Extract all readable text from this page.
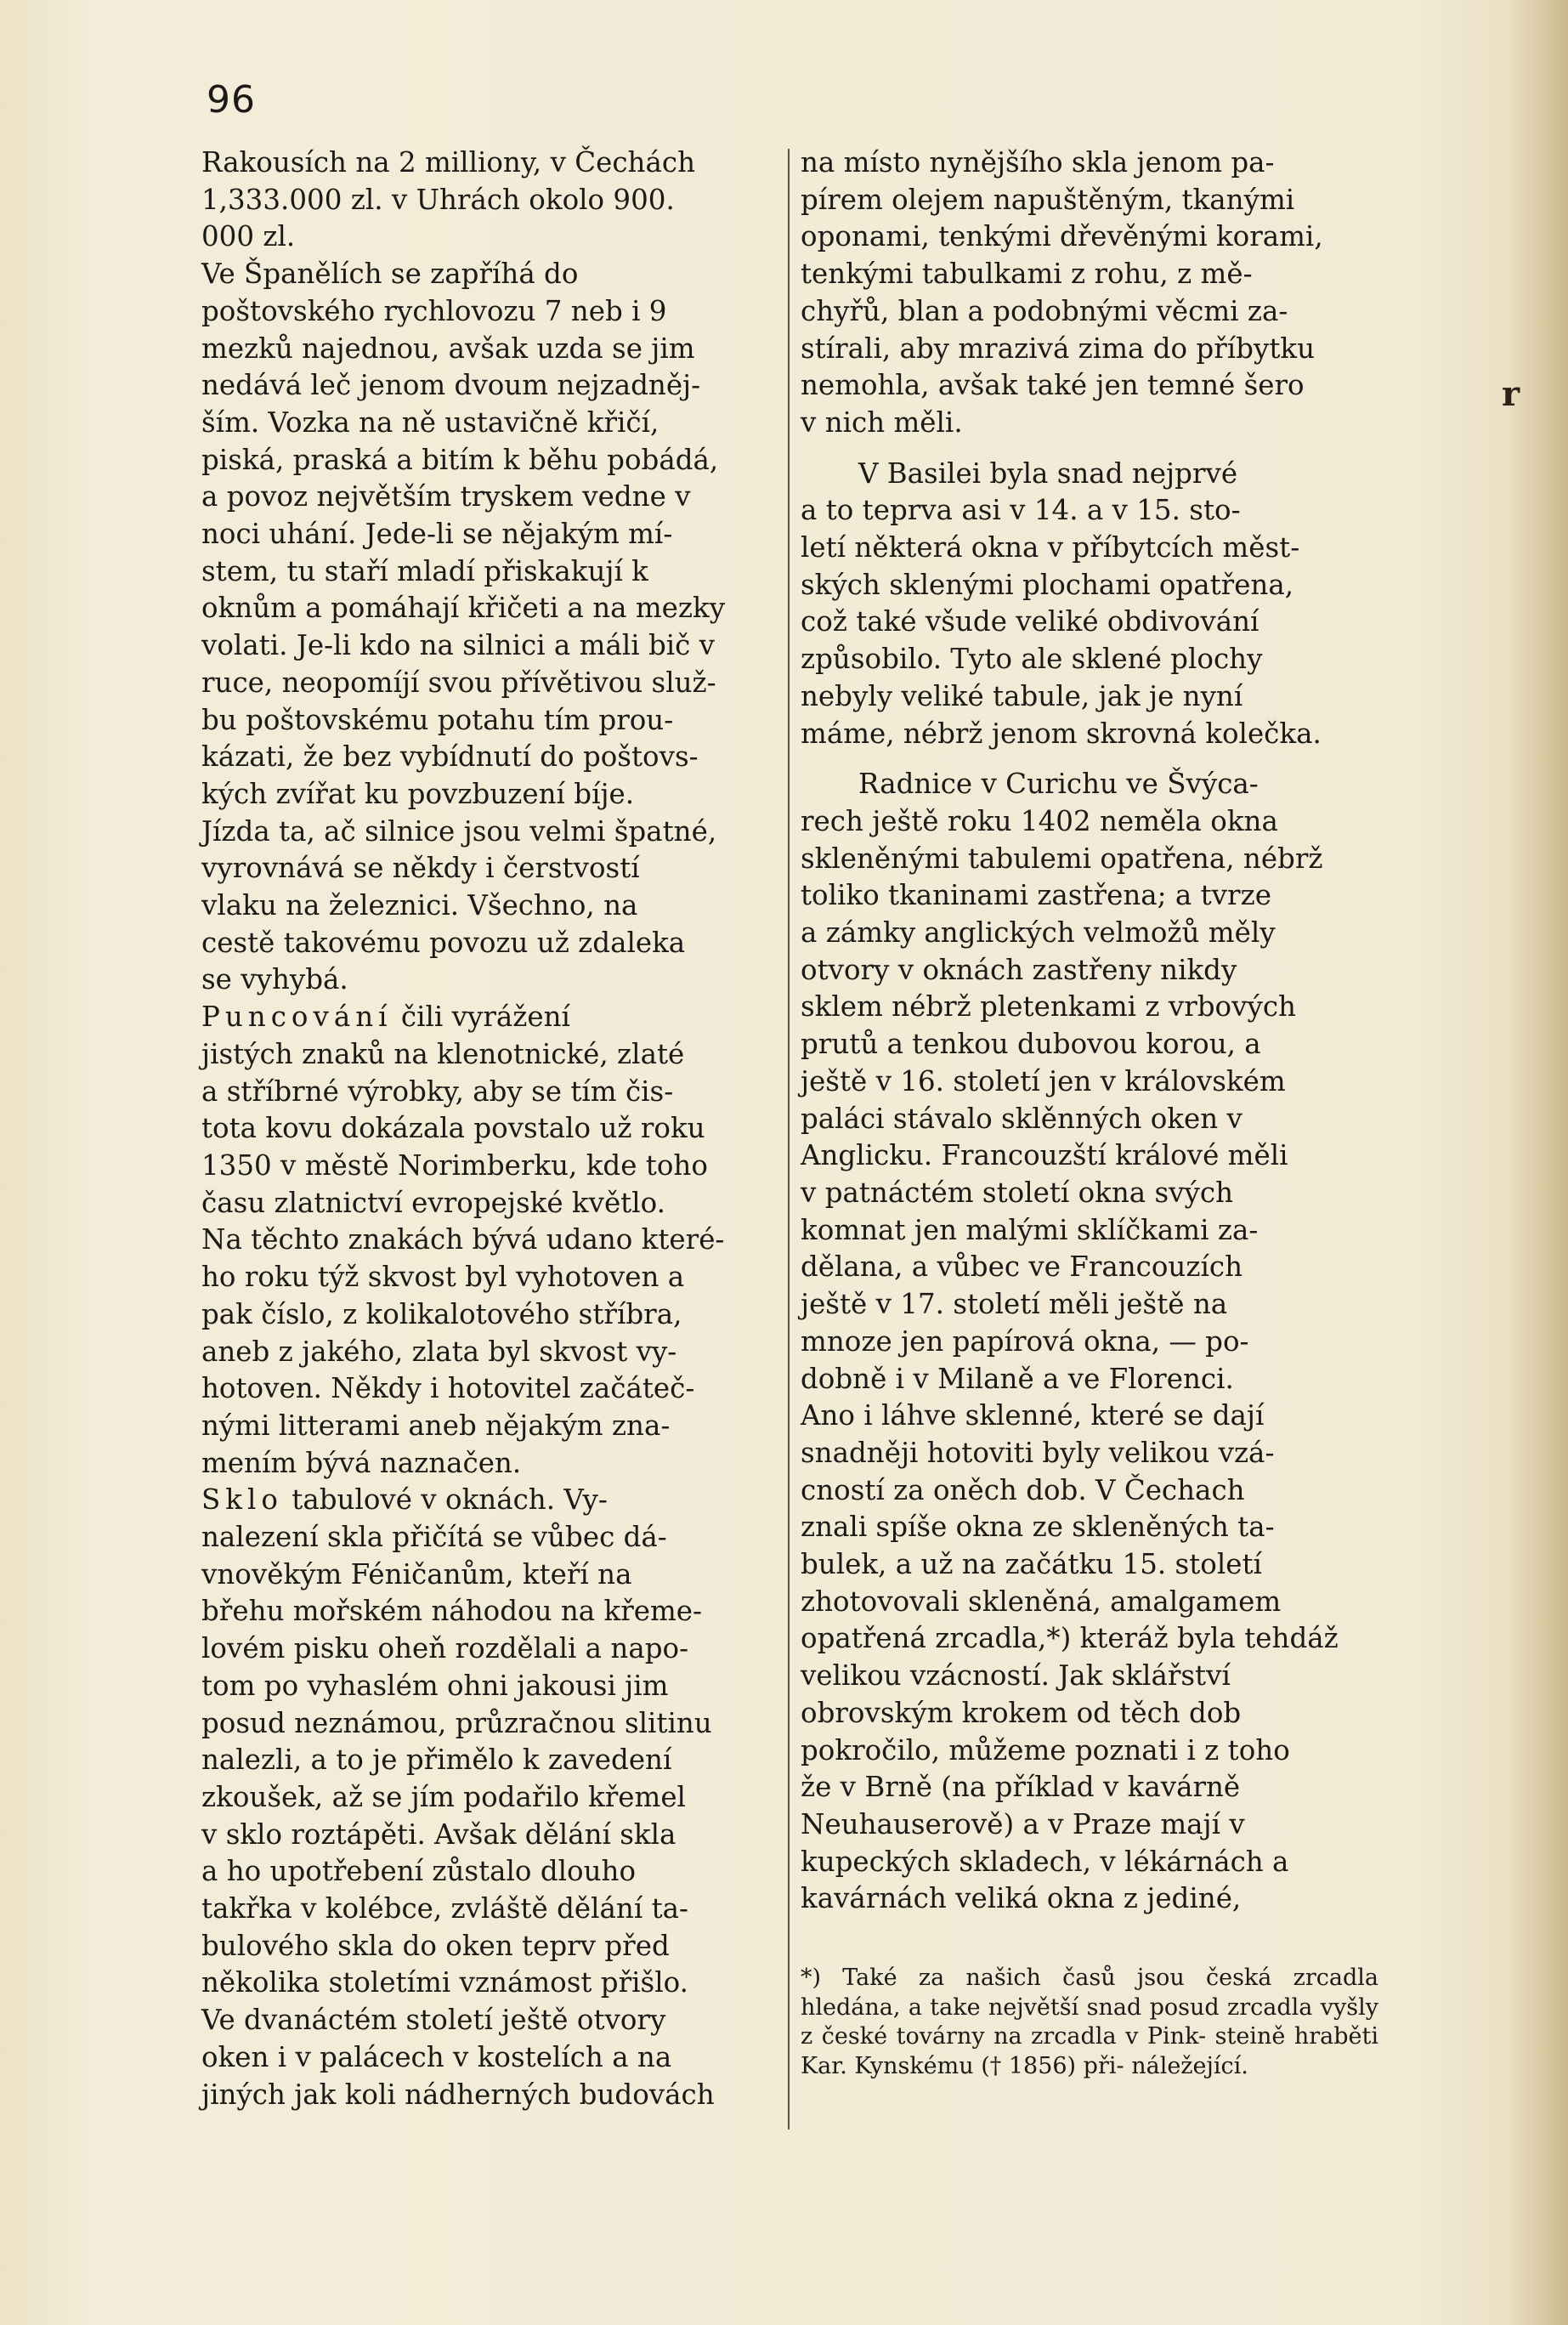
96

Rakousích na 2 milliony, v Čechách
1,333.000 zl. v Uhrách okolo 900.
000 zl.

Ve Španělích se zapříhá do
poštovského rychlovozu 7 neb i 9
mezků najednou, avšak uzda se jim
nedává leč jenom dvoum nejzadněj-
ším. Vozka na ně ustavičně křičí,
piská, praská a bitím k běhu pobádá,
a povoz největším tryskem vedne v
noci uhání. Jede-li se nějakým mí-
stem, tu staří mladí přiskakují k
oknům a pomáhají křičeti a na mezky
volati. Je-li kdo na silnici a máli bič v
ruce, neopomíjí svou přívětivou služ-
bu poštovskému potahu tím prou-
kázati, že bez vybídnutí do poštovs-
kých zvířat ku povzbuzení bíje.
Jízda ta, ač silnice jsou velmi špatné,
vyrovnává se někdy i čerstvostí
vlaku na železnici. Všechno, na
cestě takovému povozu už zdaleka
se vyhybá.

Puncování čili vyrážení
jistých znaků na klenotnické, zlaté
a stříbrné výrobky, aby se tím čis-
tota kovu dokázala povstalo už roku
1350 v městě Norimberku, kde toho
času zlatnictví evropejské květlo.
Na těchto znakách bývá udano které-
ho roku týž skvost byl vyhotoven a
pak číslo, z kolikalotového stříbra,
aneb z jakého, zlata byl skvost vy-
hotoven. Někdy i hotovitel začáteč-
nými litterami aneb nějakým zna-
mením bývá naznačen.

Sklo tabulové v oknách. Vy-
nalezení skla přičítá se vůbec dá-
vnověkým Féničanům, kteří na
břehu mořském náhodou na křeme-
lovém pisku oheň rozdělali a napo-
tom po vyhaslém ohni jakousi jim
posud neznámou, průzračnou slitinu
nalezli, a to je přimělo k zavedení
zkoušek, až se jím podařilo křemel
v sklo roztápěti. Avšak dělání skla
a ho upotřebení zůstalo dlouho
takřka v kolébce, zvláště dělání ta-
bulového skla do oken teprv před
několika stoletími vznámost přišlo.
Ve dvanáctém století ještě otvory
oken i v palácech v kostelích a na
jiných jak koli nádherných budovách

na místo nynějšího skla jenom pa-
pírem olejem napuštěným, tkanými
oponami, tenkými dřevěnými korami,
tenkými tabulkami z rohu, z mě-
chyřů, blan a podobnými věcmi za-
stírali, aby mrazivá zima do příbytku
nemohla, avšak také jen temné šero
v nich měli.

V Basilei byla snad nejprvé
a to teprva asi v 14. a v 15. sto-
letí některá okna v příbytcích měst-
ských sklenými plochami opatřena,
což také všude veliké obdivování
způsobilo. Tyto ale sklené plochy
nebyly veliké tabule, jak je nyní
máme, nébrž jenom skrovná kolečka.

Radnice v Curichu ve Švýca-
rech ještě roku 1402 neměla okna
skleněnými tabulemi opatřena, nébrž
toliko tkaninami zastřena; a tvrze
a zámky anglických velmožů měly
otvory v oknách zastřeny nikdy
sklem nébrž pletenkami z vrbových
prutů a tenkou dubovou korou, a
ještě v 16. století jen v královském
paláci stávalo sklěnných oken v
Anglicku. Francouzští králové měli
v patnáctém století okna svých
komnat jen malými sklíčkami za-
dělana, a vůbec ve Francouzích
ještě v 17. století měli ještě na
mnoze jen papírová okna, — po-
dobně i v Milaně a ve Florenci.
Ano i láhve sklenné, které se dají
snadněji hotoviti byly velikou vzá-
cností za oněch dob. V Čechach
znali spíše okna ze skleněných ta-
bulek, a už na začátku 15. století
zhotovovali skleněná, amalgamem
opatřená zrcadla,*) kteráž byla tehdáž
velikou vzácností. Jak sklářství
obrovským krokem od těch dob
pokročilo, můžeme poznati i z toho
že v Brně (na příklad v kavárně
Neuhauserově) a v Praze mají v
kupeckých skladech, v lékárnách a
kavárnách veliká okna z jediné,

*) Také za našich časů jsou česká zrcadla hledána, a take největší snad posud zrcadla vyšly z české továrny na zrcadla v Pink- steině hraběti Kar. Kynskému († 1856) při- náležející.
r
